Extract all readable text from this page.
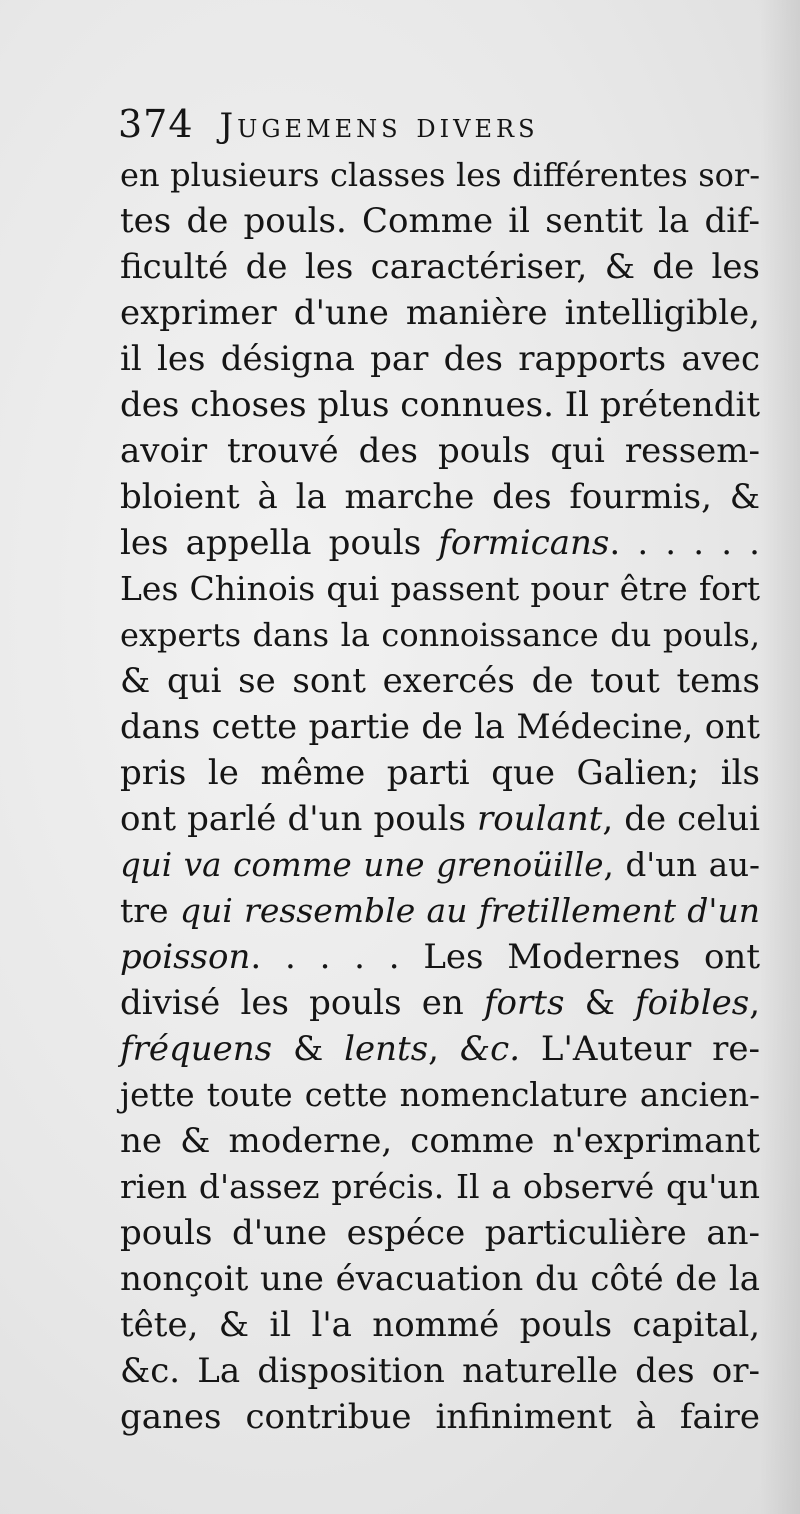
374 Jugemens divers
en plusieurs classes les différentes sor-
tes de pouls. Comme il sentit la dif-
ficulté de les caractériser, & de les
exprimer d'une manière intelligible,
il les désigna par des rapports avec
des choses plus connues. Il prétendit
avoir trouvé des pouls qui ressem-
bloient à la marche des fourmis, &
les appella pouls formicans. . . . . .
Les Chinois qui passent pour être fort
experts dans la connoissance du pouls,
& qui se sont exercés de tout tems
dans cette partie de la Médecine, ont
pris le même parti que Galien; ils
ont parlé d'un pouls roulant, de celui
qui va comme une grenoüille, d'un au-
tre qui ressemble au fretillement d'un
poisson. . . . . Les Modernes ont
divisé les pouls en forts & foibles,
fréquens & lents, &c. L'Auteur re-
jette toute cette nomenclature ancien-
ne & moderne, comme n'exprimant
rien d'assez précis. Il a observé qu'un
pouls d'une espéce particulière an-
nonçoit une évacuation du côté de la
tête, & il l'a nommé pouls capital,
&c. La disposition naturelle des or-
ganes contribue infiniment à faire
